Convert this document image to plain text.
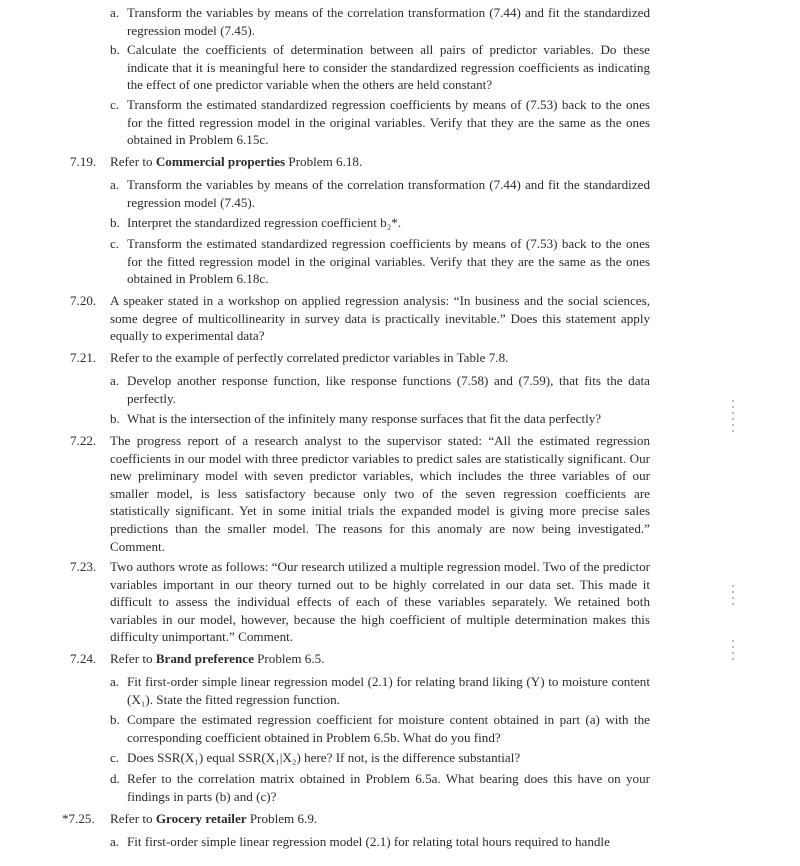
a. Transform the variables by means of the correlation transformation (7.44) and fit the standardized regression model (7.45).
b. Calculate the coefficients of determination between all pairs of predictor variables. Do these indicate that it is meaningful here to consider the standardized regression coefficients as indicating the effect of one predictor variable when the others are held constant?
c. Transform the estimated standardized regression coefficients by means of (7.53) back to the ones for the fitted regression model in the original variables. Verify that they are the same as the ones obtained in Problem 6.15c.
7.19. Refer to Commercial properties Problem 6.18.
a. Transform the variables by means of the correlation transformation (7.44) and fit the standardized regression model (7.45).
b. Interpret the standardized regression coefficient b₂*.
c. Transform the estimated standardized regression coefficients by means of (7.53) back to the ones for the fitted regression model in the original variables. Verify that they are the same as the ones obtained in Problem 6.18c.
7.20. A speaker stated in a workshop on applied regression analysis: “In business and the social sciences, some degree of multicollinearity in survey data is practically inevitable.” Does this statement apply equally to experimental data?
7.21. Refer to the example of perfectly correlated predictor variables in Table 7.8.
a. Develop another response function, like response functions (7.58) and (7.59), that fits the data perfectly.
b. What is the intersection of the infinitely many response surfaces that fit the data perfectly?
7.22. The progress report of a research analyst to the supervisor stated: “All the estimated regression coefficients in our model with three predictor variables to predict sales are statistically significant. Our new preliminary model with seven predictor variables, which includes the three variables of our smaller model, is less satisfactory because only two of the seven regression coefficients are statistically significant. Yet in some initial trials the expanded model is giving more precise sales predictions than the smaller model. The reasons for this anomaly are now being investigated.” Comment.
7.23. Two authors wrote as follows: “Our research utilized a multiple regression model. Two of the predictor variables important in our theory turned out to be highly correlated in our data set. This made it difficult to assess the individual effects of each of these variables separately. We retained both variables in our model, however, because the high coefficient of multiple determination makes this difficulty unimportant.” Comment.
7.24. Refer to Brand preference Problem 6.5.
a. Fit first-order simple linear regression model (2.1) for relating brand liking (Y) to moisture content (X₁). State the fitted regression function.
b. Compare the estimated regression coefficient for moisture content obtained in part (a) with the corresponding coefficient obtained in Problem 6.5b. What do you find?
c. Does SSR(X₁) equal SSR(X₁|X₂) here? If not, is the difference substantial?
d. Refer to the correlation matrix obtained in Problem 6.5a. What bearing does this have on your findings in parts (b) and (c)?
*7.25. Refer to Grocery retailer Problem 6.9.
a. Fit first-order simple linear regression model (2.1) for relating total hours required to handle
